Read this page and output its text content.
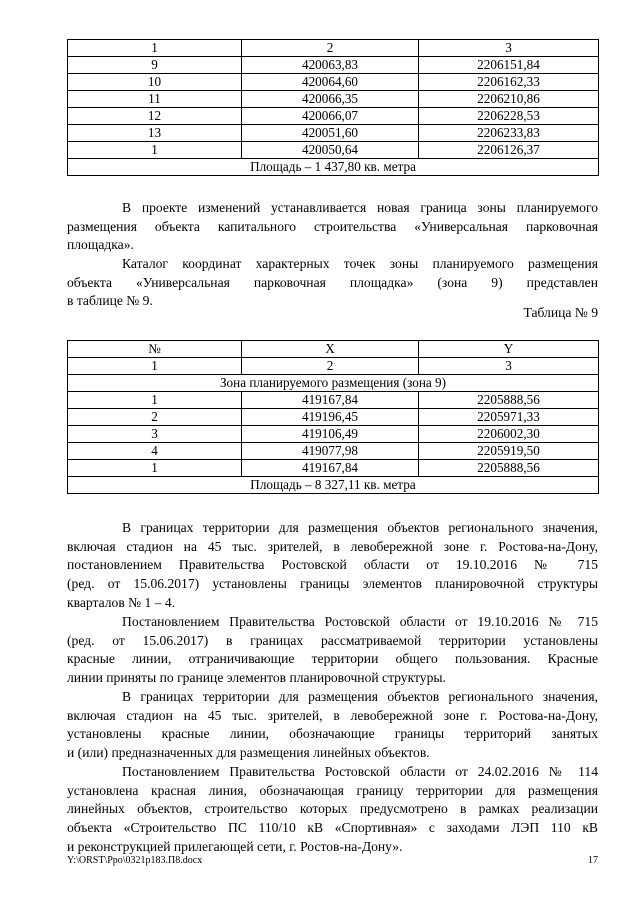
1	2	3
9	420063,83	2206151,84
10	420064,60	2206162,33
11	420066,35	2206210,86
12	420066,07	2206228,53
13	420051,60	2206233,83
1	420050,64	2206126,37
Площадь – 1 437,80 кв. метра		
В проекте изменений устанавливается новая граница зоны планируемого
размещения объекта капитального строительства «Универсальная парковочная
площадка».
Каталог координат характерных точек зоны планируемого размещения
объекта «Универсальная парковочная площадка» (зона 9) представлен
в таблице № 9.
Таблица № 9
№	X	Y
1	2	3
Зона планируемого размещения (зона 9)		
1	419167,84	2205888,56
2	419196,45	2205971,33
3	419106,49	2206002,30
4	419077,98	2205919,50
1	419167,84	2205888,56
Площадь – 8 327,11 кв. метра		
В границах территории для размещения объектов регионального значения,
включая стадион на 45 тыс. зрителей, в левобережной зоне г. Ростова-на-Дону,
постановлением Правительства Ростовской области от 19.10.2016 № 715
(ред. от 15.06.2017) установлены границы элементов планировочной структуры
кварталов № 1 – 4.
Постановлением Правительства Ростовской области от 19.10.2016 № 715
(ред. от 15.06.2017) в границах рассматриваемой территории установлены
красные линии, отграничивающие территории общего пользования. Красные
линии приняты по границе элементов планировочной структуры.
В границах территории для размещения объектов регионального значения,
включая стадион на 45 тыс. зрителей, в левобережной зоне г. Ростова-на-Дону,
установлены красные линии, обозначающие границы территорий занятых
и (или) предназначенных для размещения линейных объектов.
Постановлением Правительства Ростовской области от 24.02.2016 № 114
установлена красная линия, обозначающая границу территории для размещения
линейных объектов, строительство которых предусмотрено в рамках реализации
объекта «Строительство ПС 110/10 кВ «Спортивная» с заходами ЛЭП 110 кВ
и реконструкцией прилегающей сети, г. Ростов-на-Дону».
Y:\ORST\Ppo\0321p183.П8.docx	17
